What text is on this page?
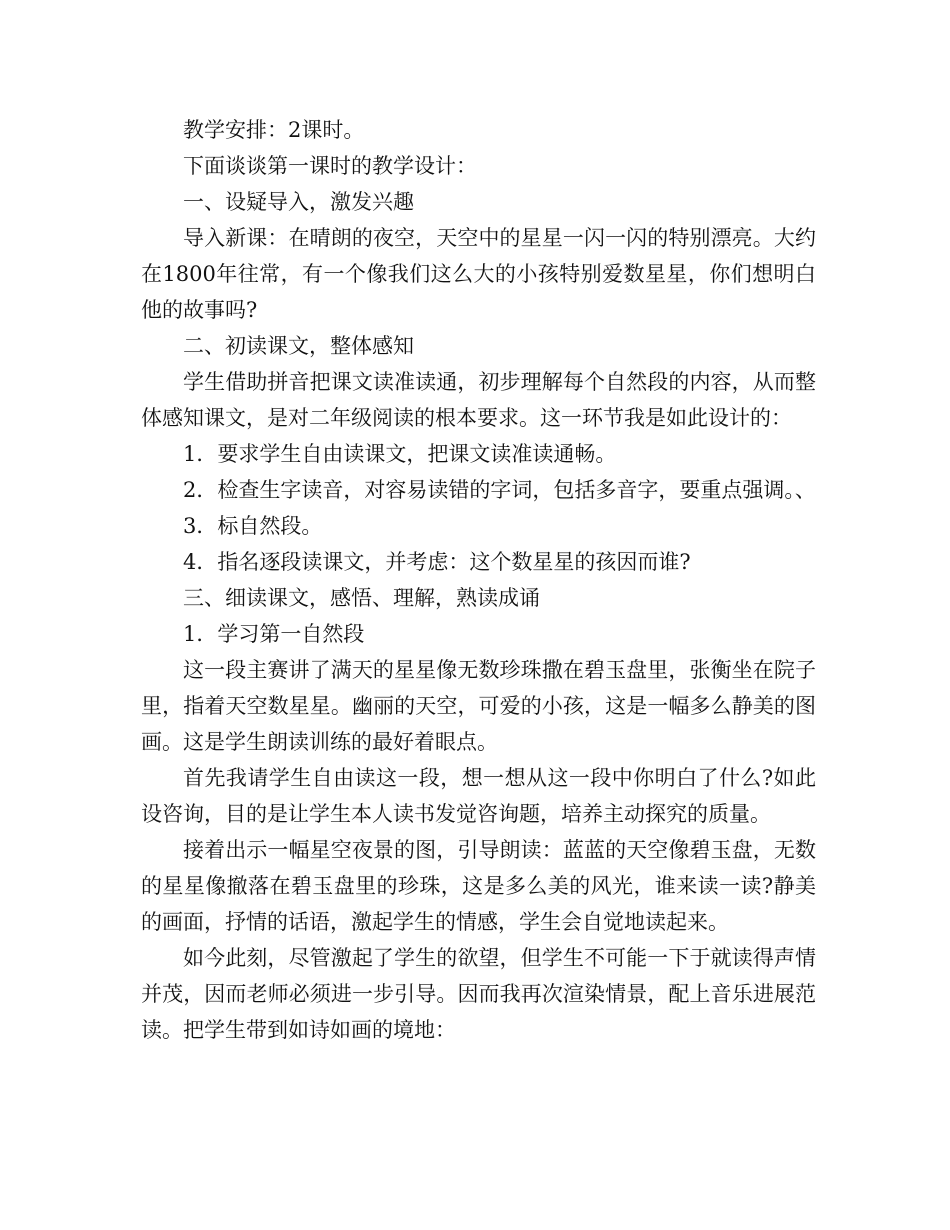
教学安排：2课时。

下面谈谈第一课时的教学设计：

一、设疑导入，激发兴趣

导入新课：在晴朗的夜空，天空中的星星一闪一闪的特别漂亮。大约在1800年往常，有一个像我们这么大的小孩特别爱数星星，你们想明白他的故事吗?

二、初读课文，整体感知

学生借助拼音把课文读准读通，初步理解每个自然段的内容，从而整体感知课文，是对二年级阅读的根本要求。这一环节我是如此设计的：

1．要求学生自由读课文，把课文读准读通畅。

2．检查生字读音，对容易读错的字词，包括多音字，要重点强调。、

3．标自然段。

4．指名逐段读课文，并考虑：这个数星星的孩因而谁?

三、细读课文，感悟、理解，熟读成诵

1．学习第一自然段

这一段主赛讲了满天的星星像无数珍珠撒在碧玉盘里，张衡坐在院子里，指着天空数星星。幽丽的天空，可爱的小孩，这是一幅多么静美的图画。这是学生朗读训练的最好着眼点。

首先我请学生自由读这一段，想一想从这一段中你明白了什么?如此设咨询，目的是让学生本人读书发觉咨询题，培养主动探究的质量。

接着出示一幅星空夜景的图，引导朗读：蓝蓝的天空像碧玉盘，无数的星星像撤落在碧玉盘里的珍珠，这是多么美的风光，谁来读一读?静美的画面，抒情的话语，激起学生的情感，学生会自觉地读起来。

如今此刻，尽管激起了学生的欲望，但学生不可能一下于就读得声情并茂，因而老师必须进一步引导。因而我再次渲染情景，配上音乐进展范读。把学生带到如诗如画的境地：
